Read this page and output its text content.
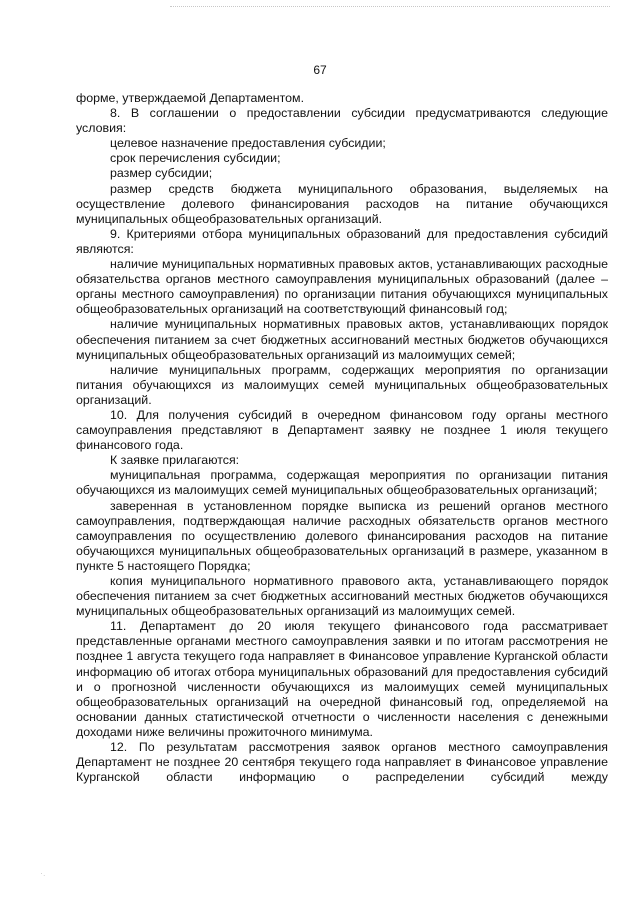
67

форме, утверждаемой Департаментом.

8. В соглашении о предоставлении субсидии предусматриваются следующие условия:

целевое назначение предоставления субсидии;

срок перечисления субсидии;

размер субсидии;

размер средств бюджета муниципального образования, выделяемых на осуществление долевого финансирования расходов на питание обучающихся муниципальных общеобразовательных организаций.

9. Критериями отбора муниципальных образований для предоставления субсидий являются:

наличие муниципальных нормативных правовых актов, устанавливающих расходные обязательства органов местного самоуправления муниципальных образований (далее – органы местного самоуправления) по организации питания обучающихся муниципальных общеобразовательных организаций на соответствующий финансовый год;

наличие муниципальных нормативных правовых актов, устанавливающих порядок обеспечения питанием за счет бюджетных ассигнований местных бюджетов обучающихся муниципальных общеобразовательных организаций из малоимущих семей;

наличие муниципальных программ, содержащих мероприятия по организации питания обучающихся из малоимущих семей муниципальных общеобразовательных организаций.

10. Для получения субсидий в очередном финансовом году органы местного самоуправления представляют в Департамент заявку не позднее 1 июля текущего финансового года.

К заявке прилагаются:

муниципальная программа, содержащая мероприятия по организации питания обучающихся из малоимущих семей муниципальных общеобразовательных организаций;

заверенная в установленном порядке выписка из решений органов местного самоуправления, подтверждающая наличие расходных обязательств органов местного самоуправления по осуществлению долевого финансирования расходов на питание обучающихся муниципальных общеобразовательных организаций в размере, указанном в пункте 5 настоящего Порядка;

копия муниципального нормативного правового акта, устанавливающего порядок обеспечения питанием за счет бюджетных ассигнований местных бюджетов обучающихся муниципальных общеобразовательных организаций из малоимущих семей.

11. Департамент до 20 июля текущего финансового года рассматривает представленные органами местного самоуправления заявки и по итогам рассмотрения не позднее 1 августа текущего года направляет в Финансовое управление Курганской области информацию об итогах отбора муниципальных образований для предоставления субсидий и о прогнозной численности обучающихся из малоимущих семей муниципальных общеобразовательных организаций на очередной финансовый год, определяемой на основании данных статистической отчетности о численности населения с денежными доходами ниже величины прожиточного минимума.

12. По результатам рассмотрения заявок органов местного самоуправления Департамент не позднее 20 сентября текущего года направляет в Финансовое управление Курганской области информацию о распределении субсидий между

·.
